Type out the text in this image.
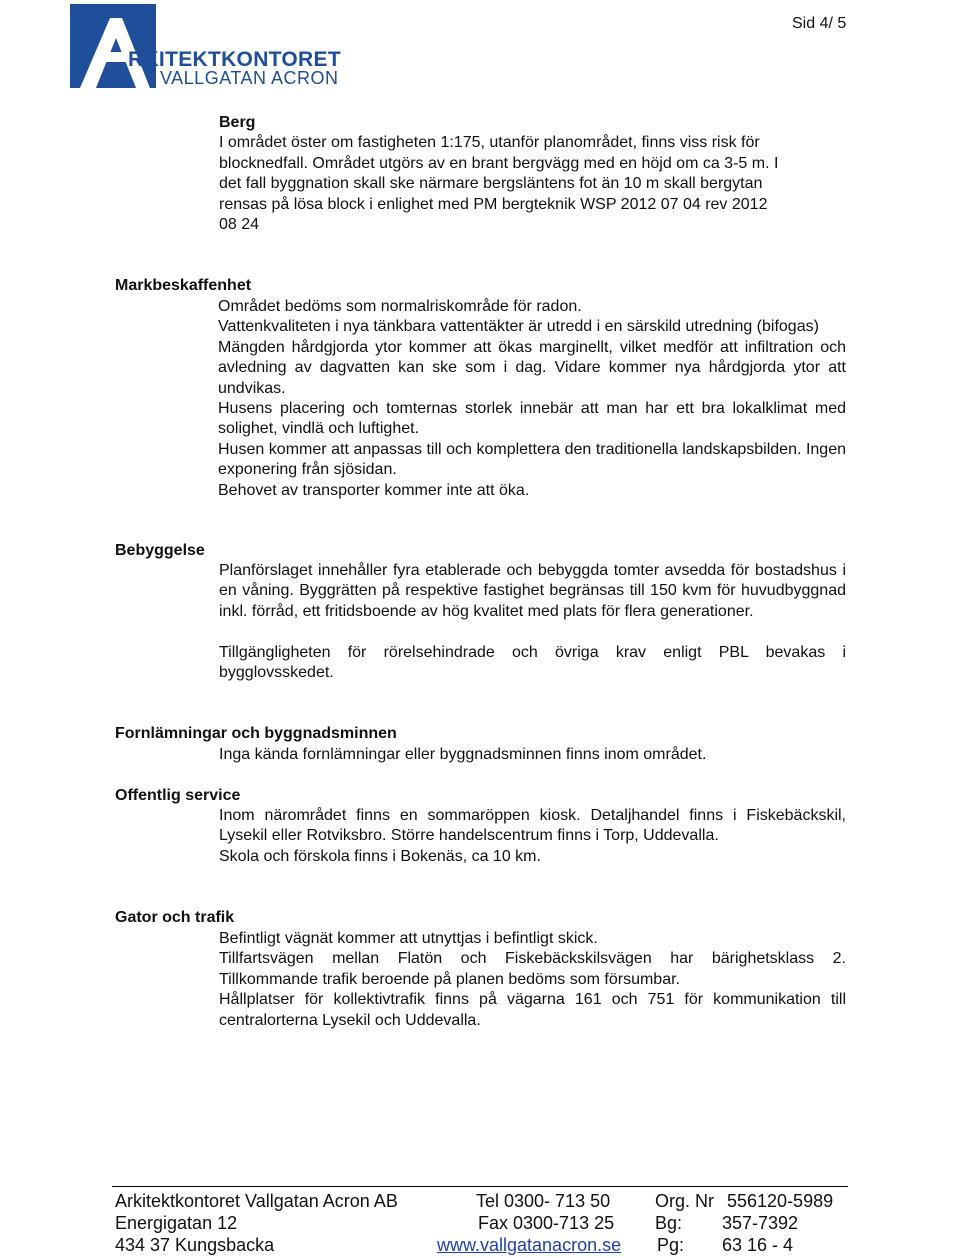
RKITEKTKONTORET
VALLGATAN ACRON
Sid 4/ 5
Berg
I området öster om fastigheten 1:175, utanför planområdet, finns viss risk för
blocknedfall. Området utgörs av en brant bergvägg med en höjd om ca 3-5 m. I
det fall byggnation skall ske närmare bergsläntens fot än 10 m skall bergytan
rensas på lösa block i enlighet med PM bergteknik WSP 2012 07 04 rev 2012
08 24
Markbeskaffenhet
Området bedöms som normalriskområde för radon.
Vattenkvaliteten i nya tänkbara vattentäkter är utredd i en särskild utredning (bifogas)
Mängden hårdgjorda ytor kommer att ökas marginellt, vilket medför att infiltration och avledning av dagvatten kan ske som i dag. Vidare kommer nya hårdgjorda ytor att undvikas.
Husens placering och tomternas storlek innebär att man har ett bra lokalklimat med solighet, vindlä och luftighet.
Husen kommer att anpassas till och komplettera den traditionella landskapsbilden. Ingen exponering från sjösidan.
Behovet av transporter kommer inte att öka.
Bebyggelse
Planförslaget innehåller fyra etablerade och bebyggda tomter avsedda för bostadshus i en våning. Byggrätten på respektive fastighet begränsas till 150 kvm för huvudbyggnad inkl. förråd, ett fritidsboende av hög kvalitet med plats för flera generationer.
Tillgängligheten för rörelsehindrade och övriga krav enligt PBL bevakas i bygglovsskedet.
Fornlämningar och byggnadsminnen
Inga kända fornlämningar eller byggnadsminnen finns inom området.
Offentlig service
Inom närområdet finns en sommaröppen kiosk. Detaljhandel finns i Fiskebäckskil, Lysekil eller Rotviksbro. Större handelscentrum finns i Torp, Uddevalla.
Skola och förskola finns i Bokenäs, ca 10 km.
Gator och trafik
Befintligt vägnät kommer att utnyttjas i befintligt skick.
Tillfartsvägen mellan Flatön och Fiskebäckskilsvägen har bärighetsklass 2. Tillkommande trafik beroende på planen bedöms som försumbar.
Hållplatser för kollektivtrafik finns på vägarna 161 och 751 för kommunikation till centralorterna Lysekil och Uddevalla.
Arkitektkontoret Vallgatan Acron AB
Energigatan 12
434 37 Kungsbacka
Tel 0300- 713 50
Fax 0300-713 25
www.vallgatanacron.se
Org. Nr 556120-5989
Bg: 357-7392
Pg: 63 16 - 4
